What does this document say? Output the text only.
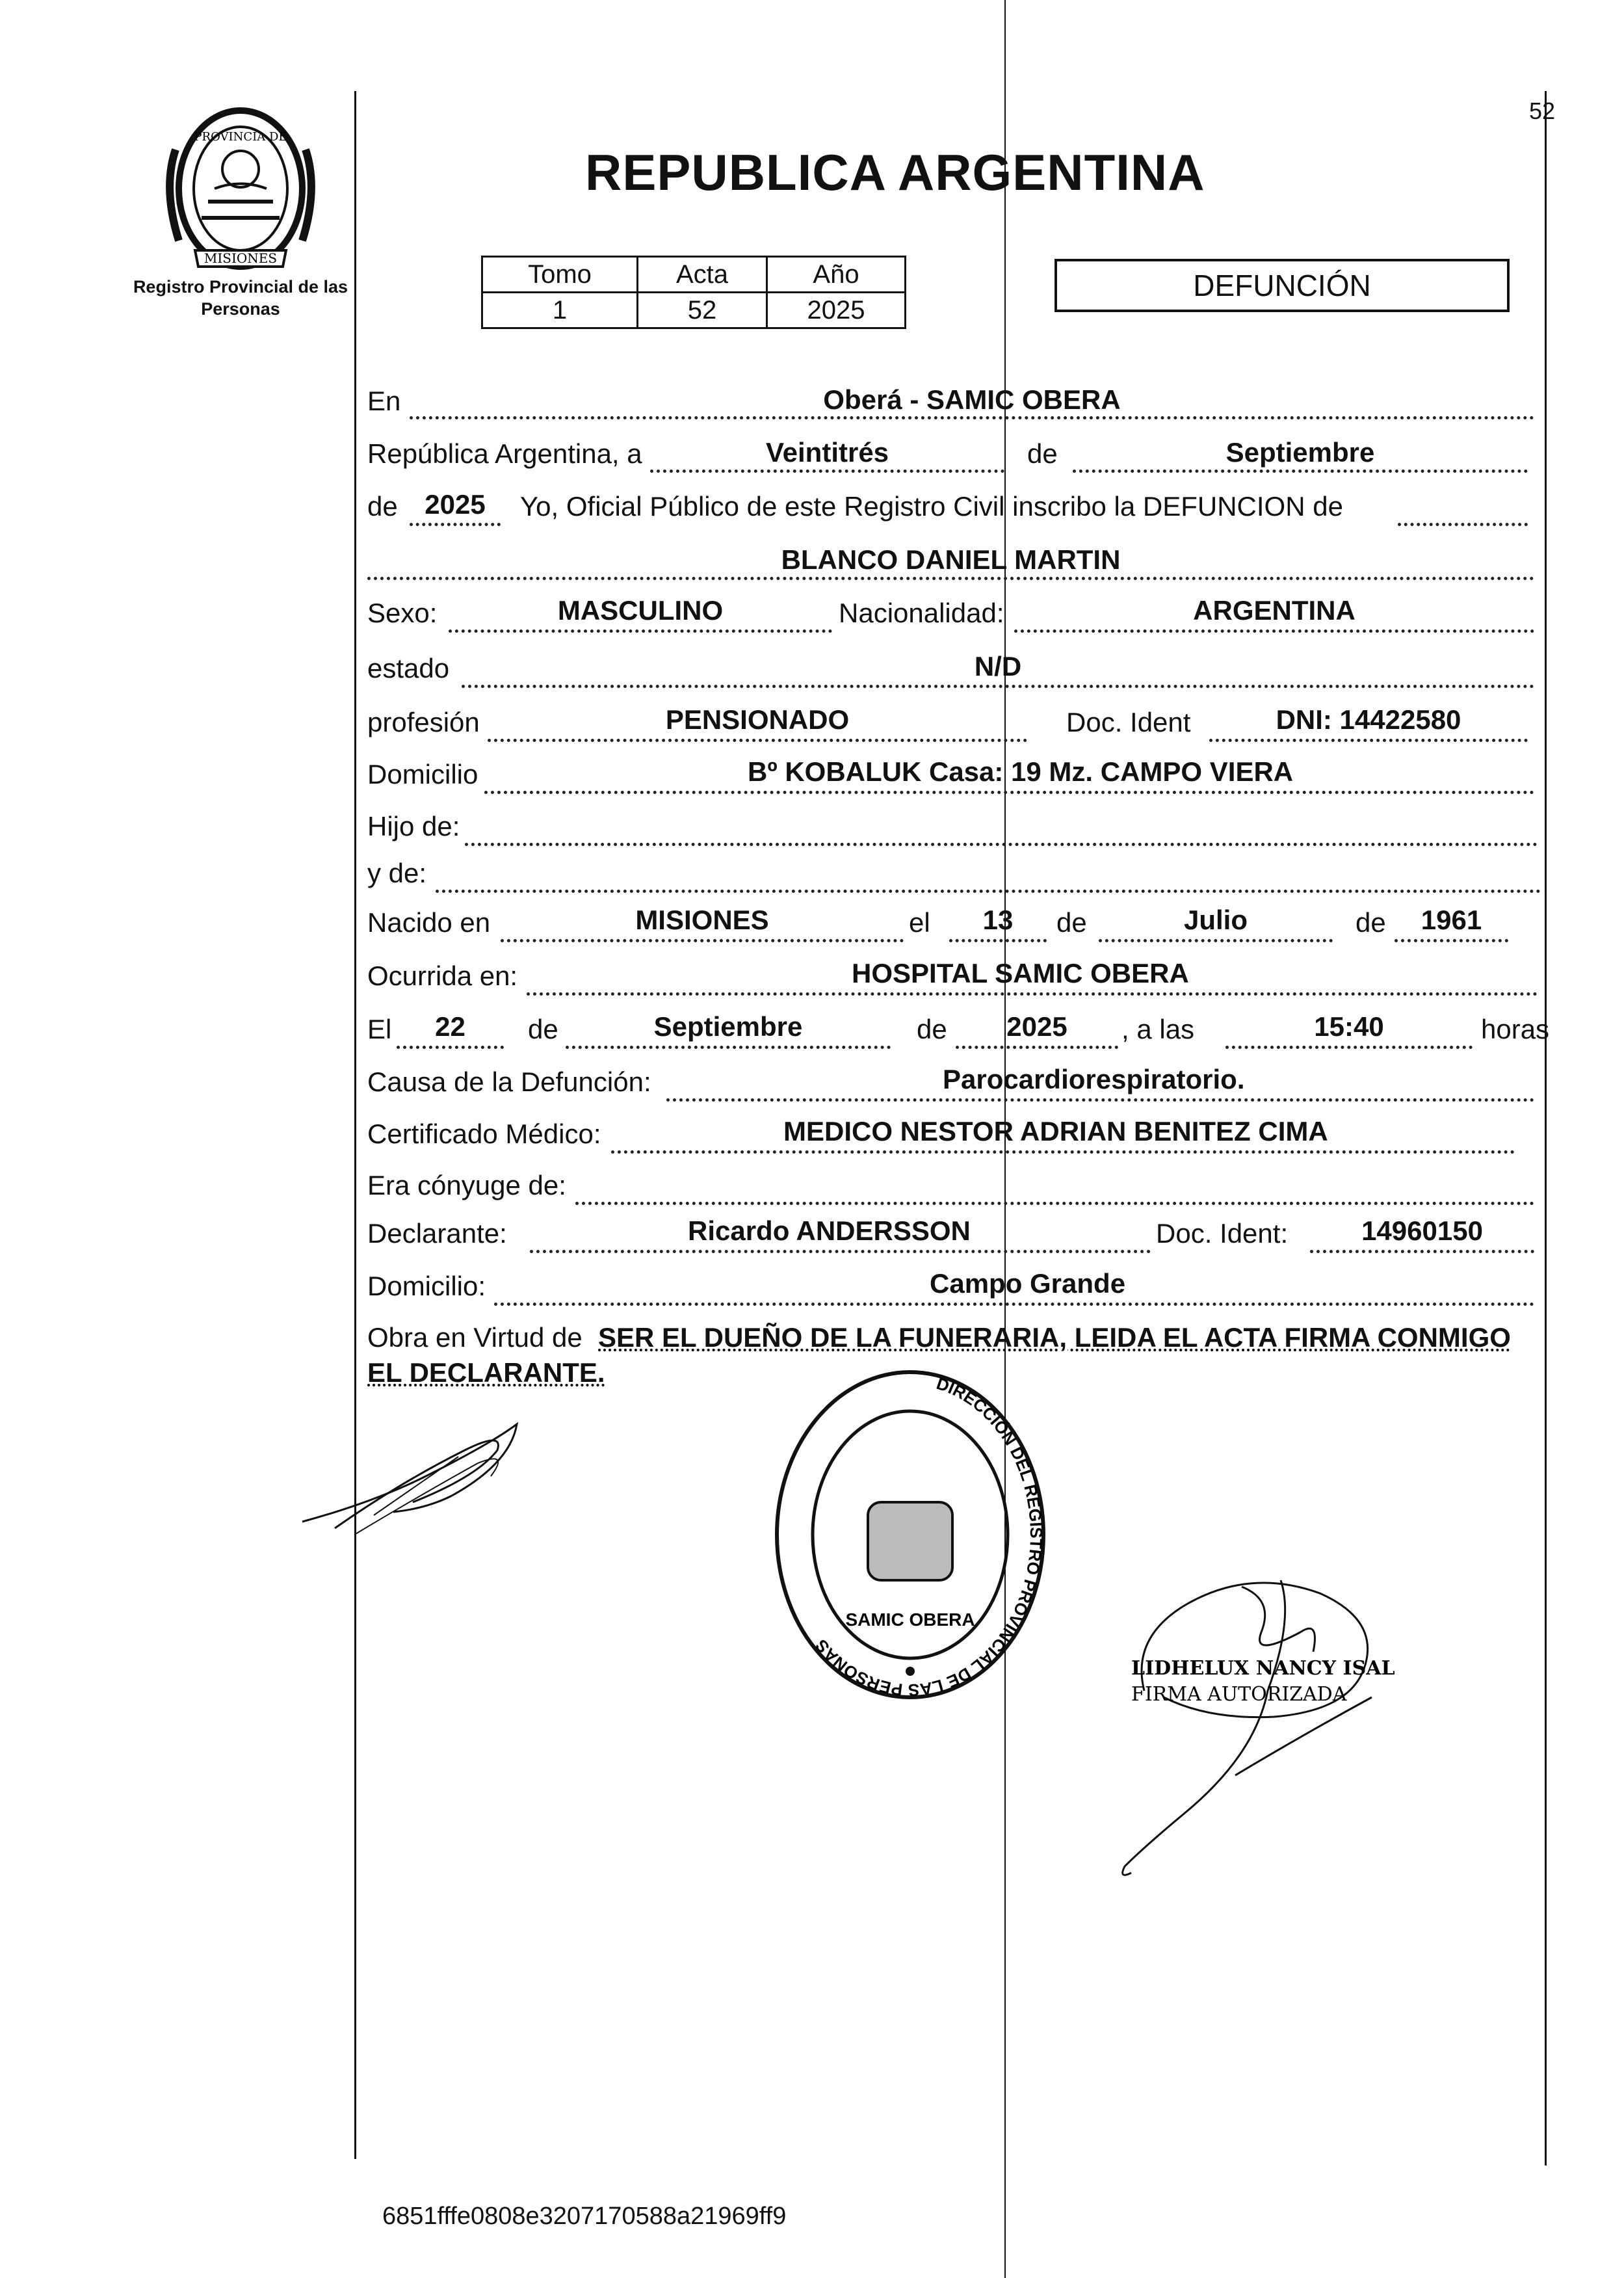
PROVINCIA DE
MISIONES
Registro Provincial de las Personas
REPUBLICA ARGENTINA
52
Tomo	Acta	Año
1	52	2025
DEFUNCIÓN
En	Oberá - SAMIC OBERA
República Argentina, a	Veintitrés	de	Septiembre
de 2025	Yo, Oficial Público de este Registro Civil inscribo la DEFUNCION de
BLANCO DANIEL MARTIN
Sexo:	MASCULINO	Nacionalidad:	ARGENTINA
estado	N/D
profesión	PENSIONADO	Doc. Ident	DNI: 14422580
Domicilio	Bº KOBALUK Casa: 19 Mz. CAMPO VIERA
Hijo de:
y de:
Nacido en	MISIONES	el	13	de	Julio	de	1961
Ocurrida en:	HOSPITAL SAMIC OBERA
El	22	de	Septiembre	de	2025	, a las	15:40	horas
Causa de la Defunción:	Parocardiorespiratorio.
Certificado Médico:	MEDICO NESTOR ADRIAN BENITEZ CIMA
Era cónyuge de:
Declarante:	Ricardo ANDERSSON	Doc. Ident:	14960150
Domicilio:	Campo Grande
Obra en Virtud de SER EL DUEÑO DE LA FUNERARIA, LEIDA EL ACTA FIRMA CONMIGO
EL DECLARANTE.	DIRECCIÓN DEL REGISTRO PROVINCIAL DE LAS PERSONAS
SAMIC OBERA
LIDHELUX NANCY ISAL
FIRMA AUTORIZADA
6851fffe0808e3207170588a21969ff9
